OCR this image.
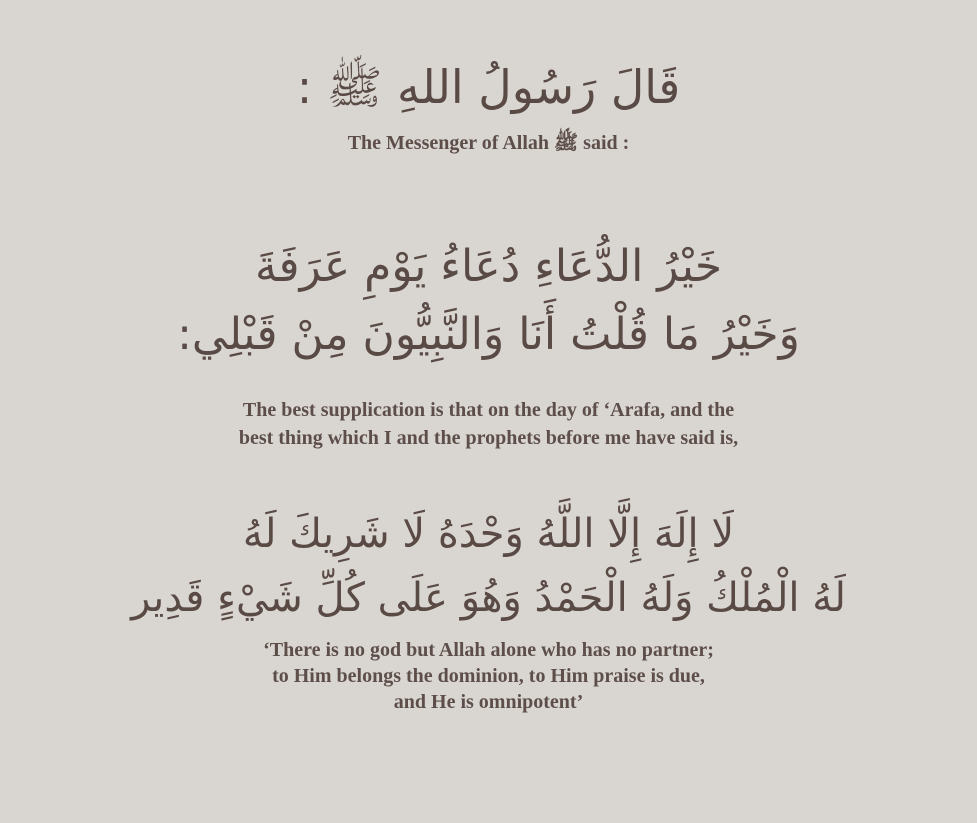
قَالَ رَسُولُ اللهِ ﷺ :
The Messenger of Allah ﷺ said :
خَيْرُ الدُّعَاءِ دُعَاءُ يَوْمِ عَرَفَةَ
وَخَيْرُ مَا قُلْتُ أَنَا وَالنَّبِيُّونَ مِنْ قَبْلِي:
The best supplication is that on the day of ‘Arafa, and the
best thing which I and the prophets before me have said is,
لَا إِلَهَ إِلَّا اللَّهُ وَحْدَهُ لَا شَرِيكَ لَهُ
لَهُ الْمُلْكُ وَلَهُ الْحَمْدُ وَهُوَ عَلَى كُلِّ شَيْءٍ قَدِير
‘There is no god but Allah alone who has no partner;
to Him belongs the dominion, to Him praise is due,
and He is omnipotent’
